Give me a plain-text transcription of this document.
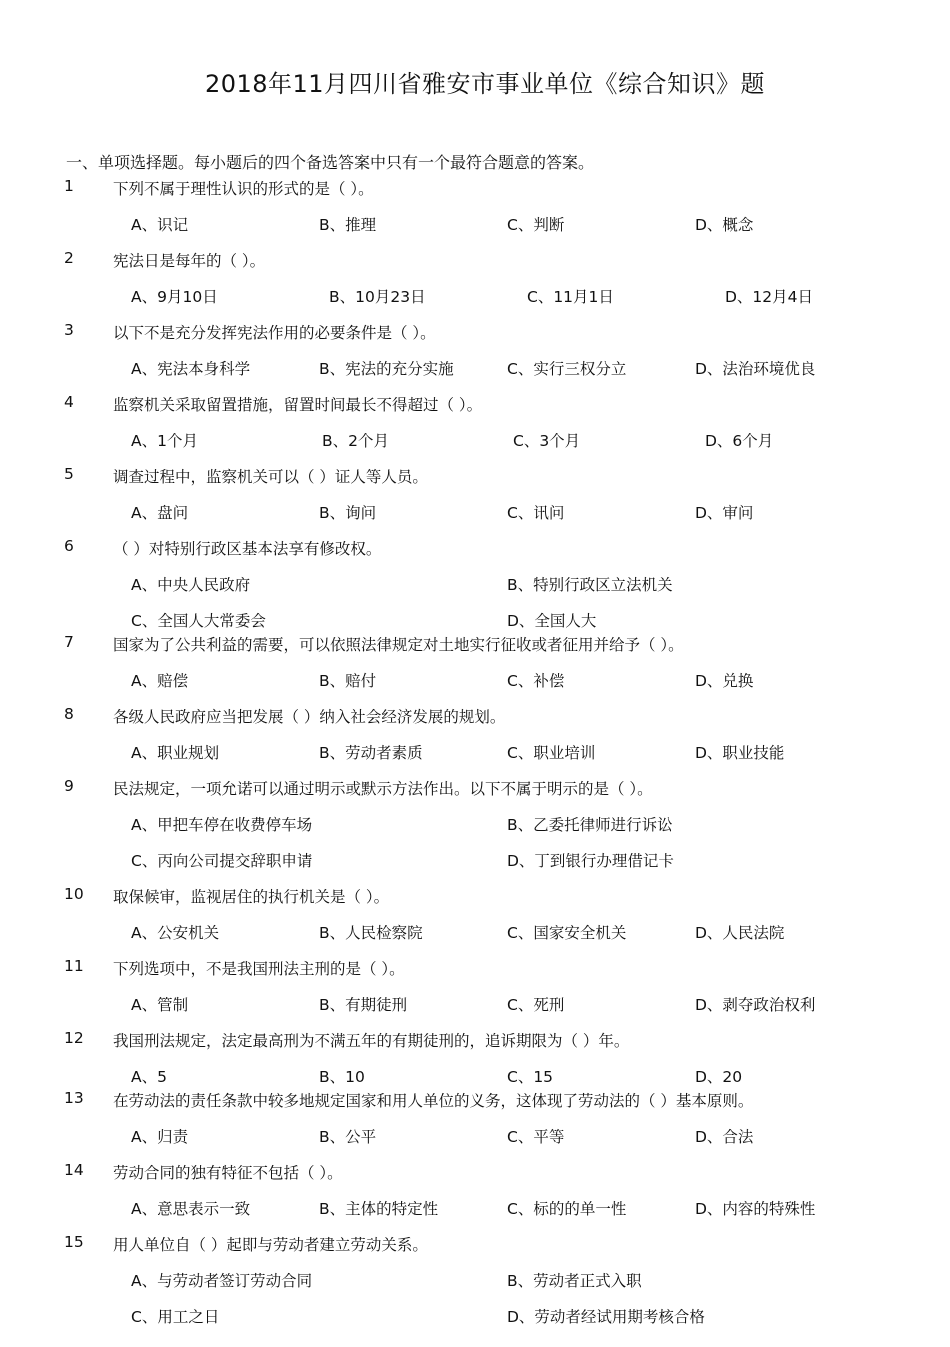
2018年11月四川省雅安市事业单位《综合知识》题
一、单项选择题。每小题后的四个备选答案中只有一个最符合题意的答案。
1	下列不属于理性认识的形式的是（ ）。
A、识记	B、推理	C、判断	D、概念
2	宪法日是每年的（ ）。
A、9月10日	B、10月23日	C、11月1日	D、12月4日
3	以下不是充分发挥宪法作用的必要条件是（ ）。
A、宪法本身科学	B、宪法的充分实施	C、实行三权分立	D、法治环境优良
4	监察机关采取留置措施，留置时间最长不得超过（ ）。
A、1个月	B、2个月	C、3个月	D、6个月
5	调查过程中，监察机关可以（ ）证人等人员。
A、盘问	B、询问	C、讯问	D、审问
6	（ ）对特别行政区基本法享有修改权。
A、中央人民政府	B、特别行政区立法机关
C、全国人大常委会	D、全国人大
7	国家为了公共利益的需要，可以依照法律规定对土地实行征收或者征用并给予（ ）。
A、赔偿	B、赔付	C、补偿	D、兑换
8	各级人民政府应当把发展（ ）纳入社会经济发展的规划。
A、职业规划	B、劳动者素质	C、职业培训	D、职业技能
9	民法规定，一项允诺可以通过明示或默示方法作出。以下不属于明示的是（ ）。
A、甲把车停在收费停车场	B、乙委托律师进行诉讼
C、丙向公司提交辞职申请	D、丁到银行办理借记卡
10 取保候审，监视居住的执行机关是（ ）。
A、公安机关	B、人民检察院	C、国家安全机关	D、人民法院
11 下列选项中，不是我国刑法主刑的是（ ）。
A、管制	B、有期徒刑	C、死刑	D、剥夺政治权利
12 我国刑法规定，法定最高刑为不满五年的有期徒刑的，追诉期限为（ ）年。
A、5	B、10	C、15	D、20
13 在劳动法的责任条款中较多地规定国家和用人单位的义务，这体现了劳动法的（ ）基本原则。
A、归责	B、公平	C、平等	D、合法
14 劳动合同的独有特征不包括（ ）。
A、意思表示一致	B、主体的特定性	C、标的的单一性	D、内容的特殊性
15 用人单位自（ ）起即与劳动者建立劳动关系。
A、与劳动者签订劳动合同	B、劳动者正式入职
C、用工之日	D、劳动者经试用期考核合格
